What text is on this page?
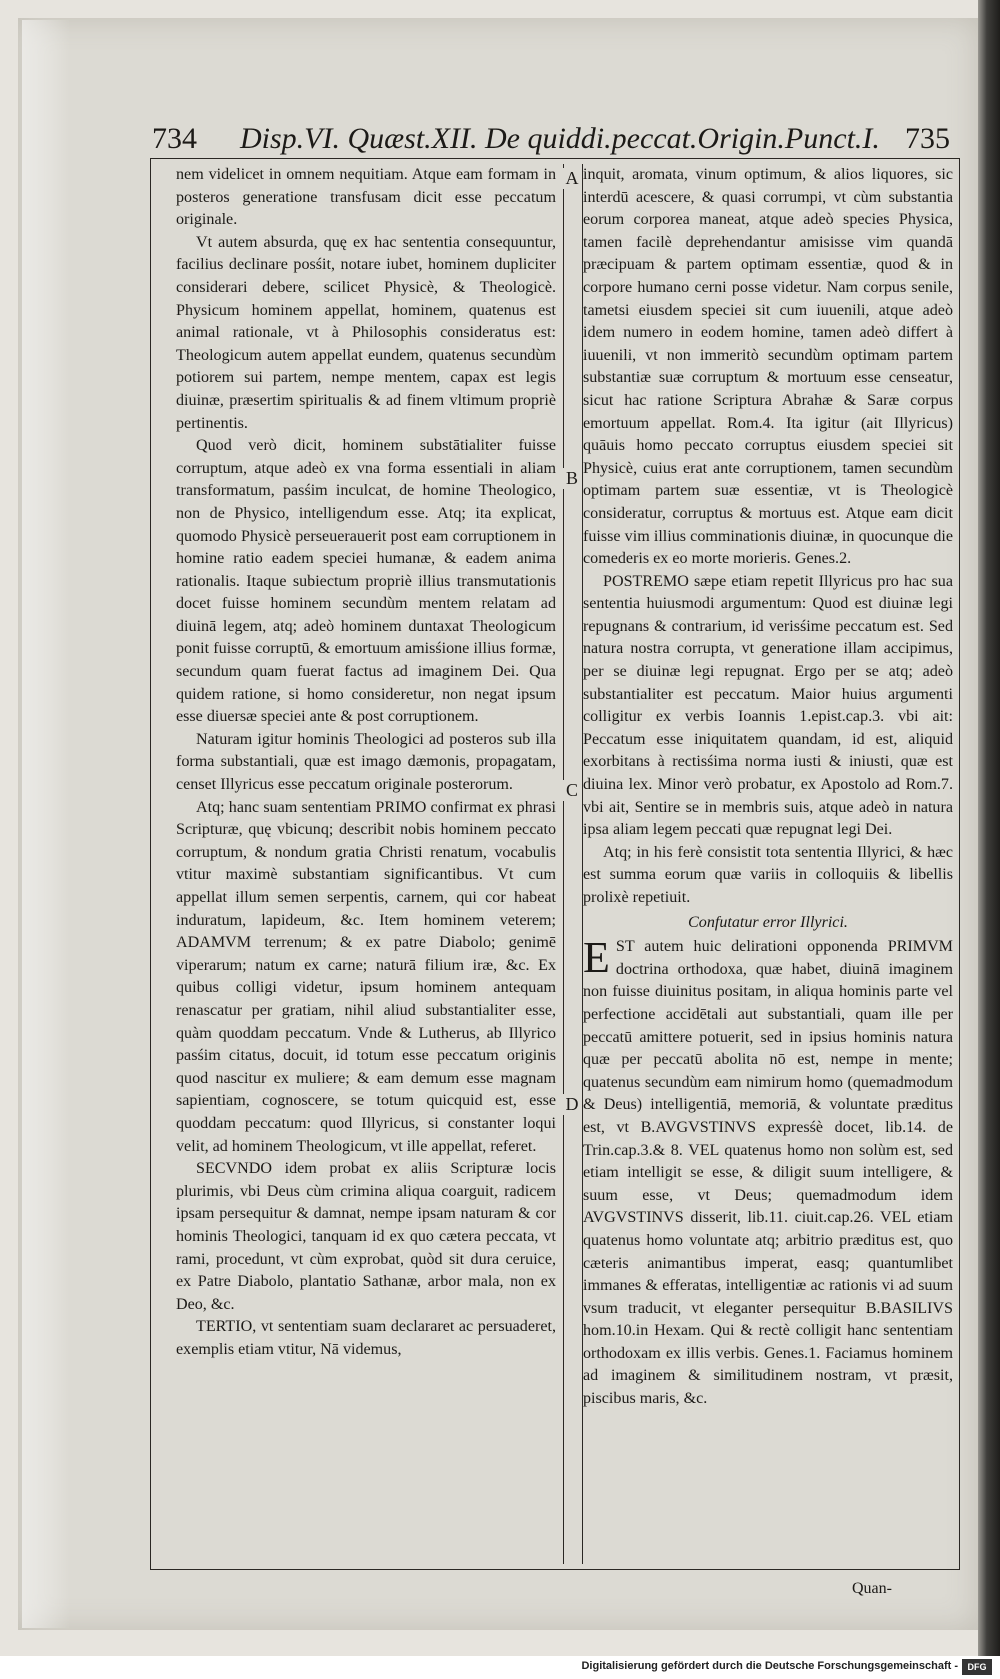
734 Disp.VI. Quæst.XII. De quiddi.peccat.Origin.Punct.I. 735
A
B
C
D

nem videlicet in omnem nequitiam. Atque eam formam in posteros generatione transfusam dicit esse peccatum originale.

Vt autem absurda, quę ex hac sententia consequuntur, facilius declinare posśit, notare iubet, hominem dupliciter considerari debere, scilicet Physicè, & Theologicè. Physicum hominem appellat, hominem, quatenus est animal rationale, vt à Philosophis consideratus est: Theologicum autem appellat eundem, quatenus secundùm potiorem sui partem, nempe mentem, capax est legis diuinæ, præsertim spiritualis & ad finem vltimum propriè pertinentis.

Quod verò dicit, hominem substātialiter fuisse corruptum, atque adeò ex vna forma essentiali in aliam transformatum, pasśim inculcat, de homine Theologico, non de Physico, intelligendum esse. Atq; ita explicat, quomodo Physicè perseuerauerit post eam corruptionem in homine ratio eadem speciei humanæ, & eadem anima rationalis. Itaque subiectum propriè illius transmutationis docet fuisse hominem secundùm mentem relatam ad diuinā legem, atq; adeò hominem duntaxat Theologicum ponit fuisse corruptū, & emortuum amisśione illius formæ, secundum quam fuerat factus ad imaginem Dei. Qua quidem ratione, si homo consideretur, non negat ipsum esse diuersæ speciei ante & post corruptionem.

Naturam igitur hominis Theologici ad posteros sub illa forma substantiali, quæ est imago dæmonis, propagatam, censet Illyricus esse peccatum originale posterorum.

Atq; hanc suam sententiam PRIMO confirmat ex phrasi Scripturæ, quę vbicunq; describit nobis hominem peccato corruptum, & nondum gratia Christi renatum, vocabulis vtitur maximè substantiam significantibus. Vt cum appellat illum semen serpentis, carnem, qui cor habeat induratum, lapideum, &c. Item hominem veterem; ADAMVM terrenum; & ex patre Diabolo; genimē viperarum; natum ex carne; naturā filium iræ, &c. Ex quibus colligi videtur, ipsum hominem antequam renascatur per gratiam, nihil aliud substantialiter esse, quàm quoddam peccatum. Vnde & Lutherus, ab Illyrico pasśim citatus, docuit, id totum esse peccatum originis quod nascitur ex muliere; & eam demum esse magnam sapientiam, cognoscere, se totum quicquid est, esse quoddam peccatum: quod Illyricus, si constanter loqui velit, ad hominem Theologicum, vt ille appellat, referet.

SECVNDO idem probat ex aliis Scripturæ locis plurimis, vbi Deus cùm crimina aliqua coarguit, radicem ipsam persequitur & damnat, nempe ipsam naturam & cor hominis Theologici, tanquam id ex quo cætera peccata, vt rami, procedunt, vt cùm exprobat, quòd sit dura ceruice, ex Patre Diabolo, plantatio Sathanæ, arbor mala, non ex Deo, &c.

TERTIO, vt sententiam suam declararet ac persuaderet, exemplis etiam vtitur, Nā videmus,

inquit, aromata, vinum optimum, & alios liquores, sic interdū acescere, & quasi corrumpi, vt cùm substantia eorum corporea maneat, atque adeò species Physica, tamen facilè deprehendantur amisisse vim quandā præcipuam & partem optimam essentiæ, quod & in corpore humano cerni posse videtur. Nam corpus senile, tametsi eiusdem speciei sit cum iuuenili, atque adeò idem numero in eodem homine, tamen adeò differt à iuuenili, vt non immeritò secundùm optimam partem substantiæ suæ corruptum & mortuum esse censeatur, sicut hac ratione Scriptura Abrahæ & Saræ corpus emortuum appellat. Rom.4. Ita igitur (ait Illyricus) quāuis homo peccato corruptus eiusdem speciei sit Physicè, cuius erat ante corruptionem, tamen secundùm optimam partem suæ essentiæ, vt is Theologicè consideratur, corruptus & mortuus est. Atque eam dicit fuisse vim illius comminationis diuinæ, in quocunque die comederis ex eo morte morieris. Genes.2.

POSTREMO sæpe etiam repetit Illyricus pro hac sua sententia huiusmodi argumentum: Quod est diuinæ legi repugnans & contrarium, id verisśime peccatum est. Sed natura nostra corrupta, vt generatione illam accipimus, per se diuinæ legi repugnat. Ergo per se atq; adeò substantialiter est peccatum. Maior huius argumenti colligitur ex verbis Ioannis 1.epist.cap.3. vbi ait: Peccatum esse iniquitatem quandam, id est, aliquid exorbitans à rectisśima norma iusti & iniusti, quæ est diuina lex. Minor verò probatur, ex Apostolo ad Rom.7. vbi ait, Sentire se in membris suis, atque adeò in natura ipsa aliam legem peccati quæ repugnat legi Dei.

Atq; in his ferè consistit tota sententia Illyrici, & hæc est summa eorum quæ variis in colloquiis & libellis prolixè repetiuit.

Confutatur error Illyrici.

EST autem huic delirationi opponenda PRIMVM doctrina orthodoxa, quæ habet, diuinā imaginem non fuisse diuinitus positam, in aliqua hominis parte vel perfectione accidētali aut substantiali, quam ille per peccatū amittere potuerit, sed in ipsius hominis natura quæ per peccatū abolita nō est, nempe in mente; quatenus secundùm eam nimirum homo (quemadmodum & Deus) intelligentiā, memoriā, & voluntate præditus est, vt B.AVGVSTINVS expresśè docet, lib.14. de Trin.cap.3.& 8. VEL quatenus homo non solùm est, sed etiam intelligit se esse, & diligit suum intelligere, & suum esse, vt Deus; quemadmodum idem AVGVSTINVS disserit, lib.11. ciuit.cap.26. VEL etiam quatenus homo voluntate atq; arbitrio præditus est, quo cæteris animantibus imperat, easq; quantumlibet immanes & efferatas, intelligentiæ ac rationis vi ad suum vsum traducit, vt eleganter persequitur B.BASILIVS hom.10.in Hexam. Qui & rectè colligit hanc sententiam orthodoxam ex illis verbis. Genes.1. Faciamus hominem ad imaginem & similitudinem nostram, vt præsit, piscibus maris, &c.

Quan-
Digitalisierung gefördert durch die Deutsche Forschungsgemeinschaft -	DFG
